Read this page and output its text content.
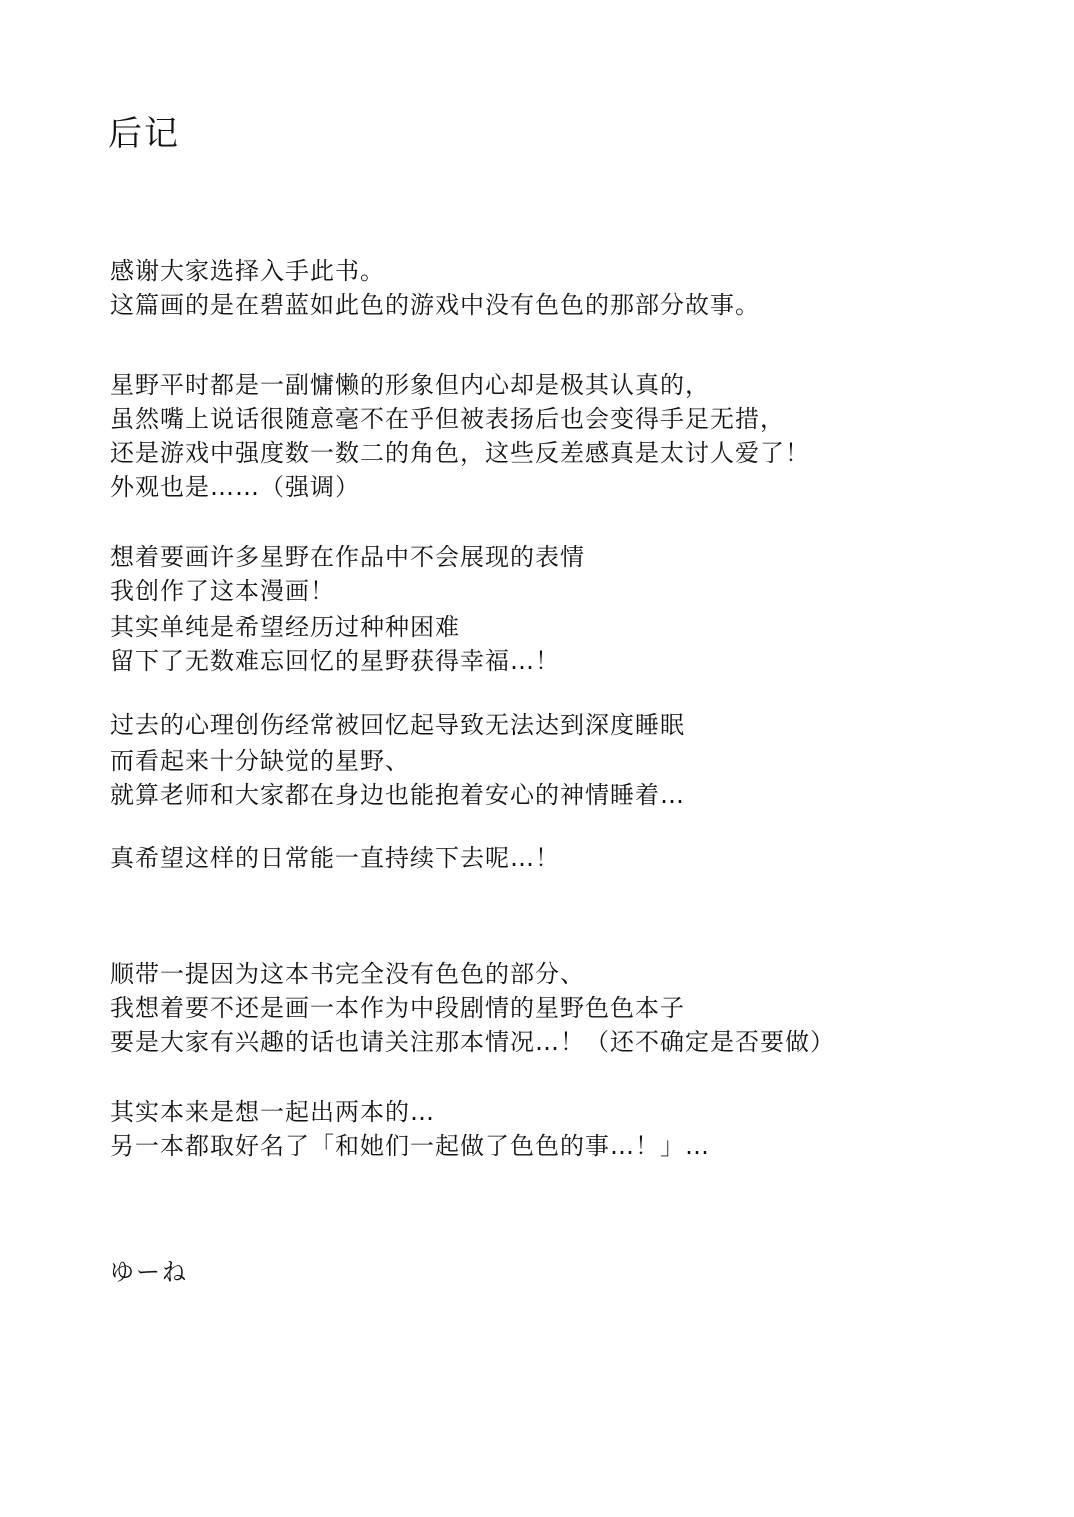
后记
感谢大家选择入手此书。
这篇画的是在碧蓝如此色的游戏中没有色色的那部分故事。
星野平时都是一副慵懒的形象但内心却是极其认真的，
虽然嘴上说话很随意毫不在乎但被表扬后也会变得手足无措，
还是游戏中强度数一数二的角色，这些反差感真是太讨人爱了！
外观也是……（强调）
想着要画许多星野在作品中不会展现的表情
我创作了这本漫画！
其实单纯是希望经历过种种困难
留下了无数难忘回忆的星野获得幸福…！
过去的心理创伤经常被回忆起导致无法达到深度睡眠
而看起来十分缺觉的星野、
就算老师和大家都在身边也能抱着安心的神情睡着…
真希望这样的日常能一直持续下去呢…！
顺带一提因为这本书完全没有色色的部分、
我想着要不还是画一本作为中段剧情的星野色色本子
要是大家有兴趣的话也请关注那本情况…！（还不确定是否要做）
其实本来是想一起出两本的…
另一本都取好名了「和她们一起做了色色的事…！」…
ゆーね
